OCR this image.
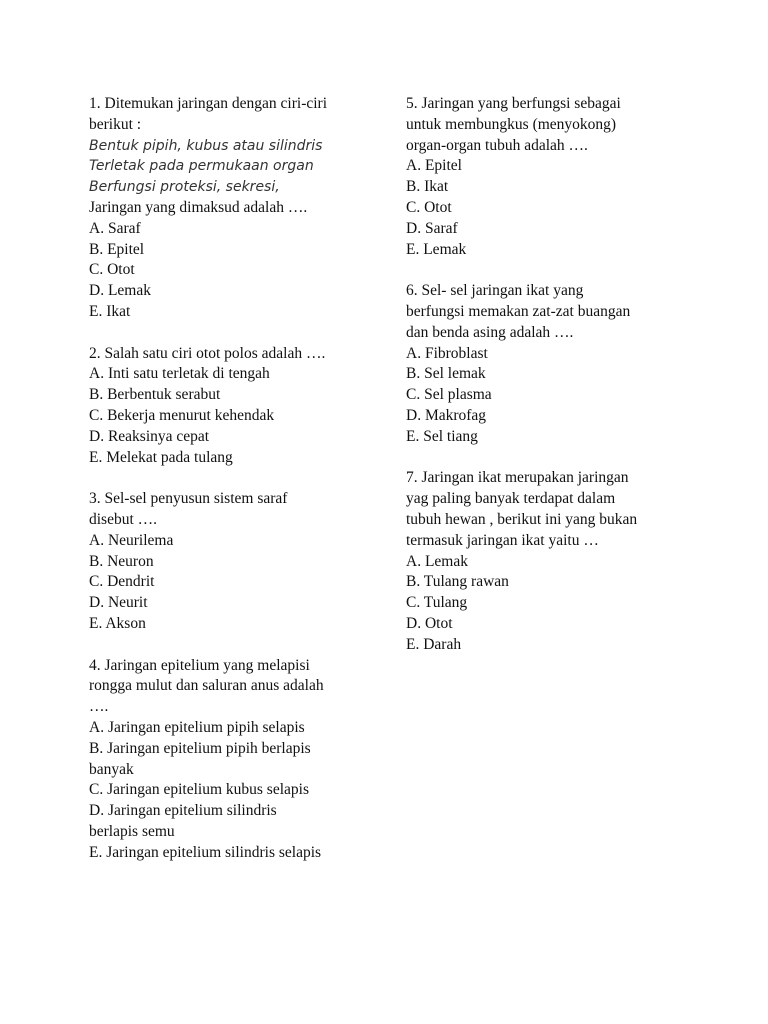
1. Ditemukan jaringan dengan ciri-ciri
berikut :
Bentuk pipih, kubus atau silindris
Terletak pada permukaan organ
Berfungsi proteksi, sekresi,
Jaringan yang dimaksud adalah ….
A. Saraf
B. Epitel
C. Otot
D. Lemak
E. Ikat
2. Salah satu ciri otot polos adalah ….
A. Inti satu terletak di tengah
B. Berbentuk serabut
C. Bekerja menurut kehendak
D. Reaksinya cepat
E. Melekat pada tulang
3. Sel-sel penyusun sistem saraf
disebut ….
A. Neurilema
B. Neuron
C. Dendrit
D. Neurit
E. Akson
4. Jaringan epitelium yang melapisi
rongga mulut dan saluran anus adalah
….
A. Jaringan epitelium pipih selapis
B. Jaringan epitelium pipih berlapis
banyak
C. Jaringan epitelium kubus selapis
D. Jaringan epitelium silindris
berlapis semu
E. Jaringan epitelium silindris selapis
5. Jaringan yang berfungsi sebagai
untuk membungkus (menyokong)
organ-organ tubuh adalah ….
A. Epitel
B. Ikat
C. Otot
D. Saraf
E. Lemak
6. Sel- sel jaringan ikat yang
berfungsi memakan zat-zat buangan
dan benda asing adalah ….
A. Fibroblast
B. Sel lemak
C. Sel plasma
D. Makrofag
E. Sel tiang
7. Jaringan ikat merupakan jaringan
yag paling banyak terdapat dalam
tubuh hewan , berikut ini yang bukan
termasuk jaringan ikat yaitu …
A. Lemak
B. Tulang rawan
C. Tulang
D. Otot
E. Darah
